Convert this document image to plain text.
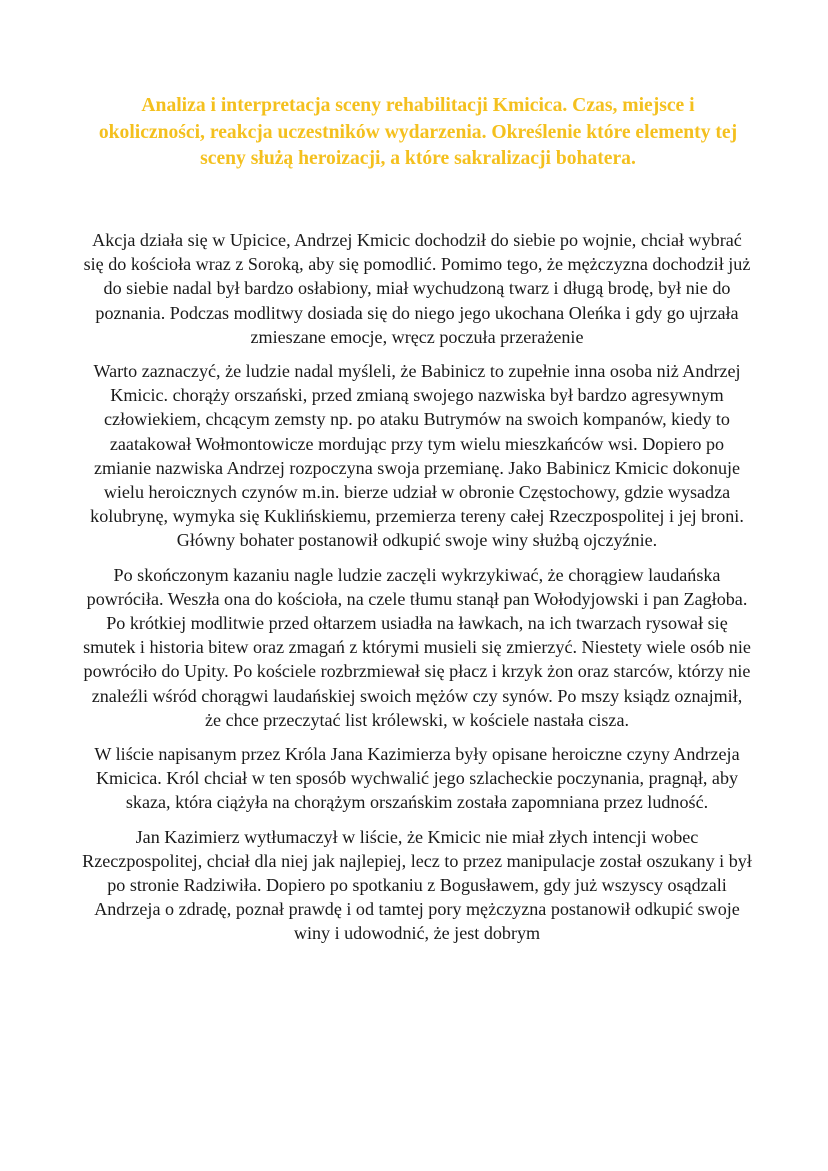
Analiza i interpretacja sceny rehabilitacji Kmicica. Czas, miejsce i okoliczności, reakcja uczestników wydarzenia. Określenie które elementy tej sceny służą heroizacji, a które sakralizacji bohatera.

Akcja działa się w Upicice, Andrzej Kmicic dochodził do siebie po wojnie, chciał wybrać się do kościoła wraz z Soroką, aby się pomodlić. Pomimo tego, że mężczyzna dochodził już do siebie nadal był bardzo osłabiony, miał wychudzoną twarz i długą brodę, był nie do poznania. Podczas modlitwy dosiada się do niego jego ukochana Oleńka i gdy go ujrzała zmieszane emocje, wręcz poczuła przerażenie

Warto zaznaczyć, że ludzie nadal myśleli, że Babinicz to zupełnie inna osoba niż Andrzej Kmicic. chorąży orszański, przed zmianą swojego nazwiska był bardzo agresywnym człowiekiem, chcącym zemsty np. po ataku Butrymów na swoich kompanów, kiedy to zaatakował Wołmontowicze mordując przy tym wielu mieszkańców wsi. Dopiero po zmianie nazwiska Andrzej rozpoczyna swoja przemianę. Jako Babinicz Kmicic dokonuje wielu heroicznych czynów m.in. bierze udział w obronie Częstochowy, gdzie wysadza kolubrynę, wymyka się Kuklińskiemu, przemierza tereny całej Rzeczpospolitej i jej broni. Główny bohater postanowił odkupić swoje winy służbą ojczyźnie.

Po skończonym kazaniu nagle ludzie zaczęli wykrzykiwać, że chorągiew laudańska powróciła. Weszła ona do kościoła, na czele tłumu stanął pan Wołodyjowski i pan Zagłoba. Po krótkiej modlitwie przed ołtarzem usiadła na ławkach, na ich twarzach rysował się smutek i historia bitew oraz zmagań z którymi musieli się zmierzyć. Niestety wiele osób nie powróciło do Upity. Po kościele rozbrzmiewał się płacz i krzyk żon oraz starców, którzy nie znaleźli wśród chorągwi laudańskiej swoich mężów czy synów. Po mszy ksiądz oznajmił, że chce przeczytać list królewski, w kościele nastała cisza.

W liście napisanym przez Króla Jana Kazimierza były opisane heroiczne czyny Andrzeja Kmicica. Król chciał w ten sposób wychwalić jego szlacheckie poczynania, pragnął, aby skaza, która ciążyła na chorążym orszańskim została zapomniana przez ludność.

Jan Kazimierz wytłumaczył w liście, że Kmicic nie miał złych intencji wobec Rzeczpospolitej, chciał dla niej jak najlepiej, lecz to przez manipulacje został oszukany i był po stronie Radziwiła. Dopiero po spotkaniu z Bogusławem, gdy już wszyscy osądzali Andrzeja o zdradę, poznał prawdę i od tamtej pory mężczyzna postanowił odkupić swoje winy i udowodnić, że jest dobrym
